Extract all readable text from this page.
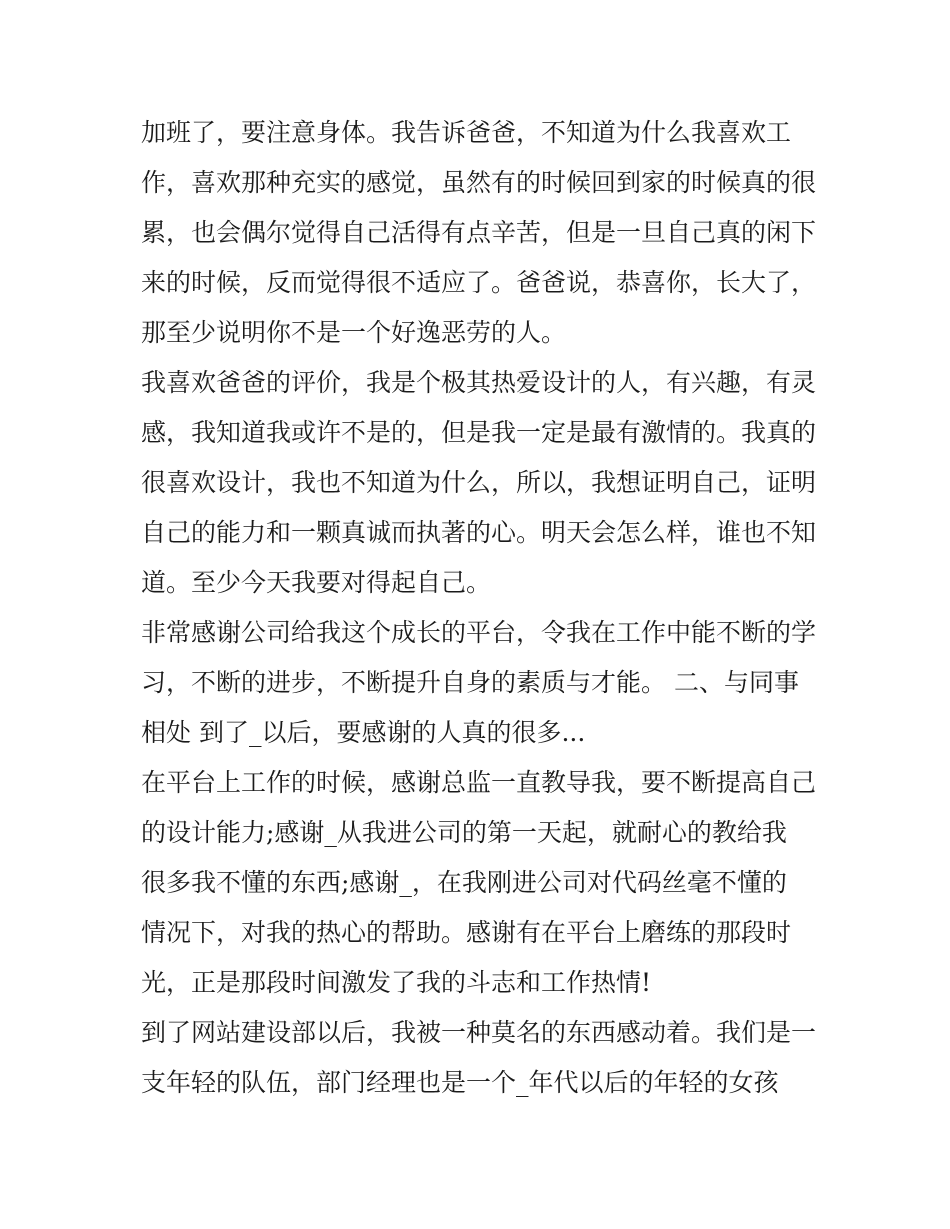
加班了，要注意身体。我告诉爸爸，不知道为什么我喜欢工
作，喜欢那种充实的感觉，虽然有的时候回到家的时候真的很
累，也会偶尔觉得自己活得有点辛苦，但是一旦自己真的闲下
来的时候，反而觉得很不适应了。爸爸说，恭喜你，长大了，
那至少说明你不是一个好逸恶劳的人。
我喜欢爸爸的评价，我是个极其热爱设计的人，有兴趣，有灵
感，我知道我或许不是的，但是我一定是最有激情的。我真的
很喜欢设计，我也不知道为什么，所以，我想证明自己，证明
自己的能力和一颗真诚而执著的心。明天会怎么样，谁也不知
道。至少今天我要对得起自己。
非常感谢公司给我这个成长的平台，令我在工作中能不断的学
习，不断的进步，不断提升自身的素质与才能。 二、与同事
相处 到了_以后，要感谢的人真的很多...
在平台上工作的时候，感谢总监一直教导我，要不断提高自己
的设计能力;感谢_从我进公司的第一天起，就耐心的教给我
很多我不懂的东西;感谢_，在我刚进公司对代码丝毫不懂的
情况下，对我的热心的帮助。感谢有在平台上磨练的那段时
光，正是那段时间激发了我的斗志和工作热情!
到了网站建设部以后，我被一种莫名的东西感动着。我们是一
支年轻的队伍，部门经理也是一个_年代以后的年轻的女孩
